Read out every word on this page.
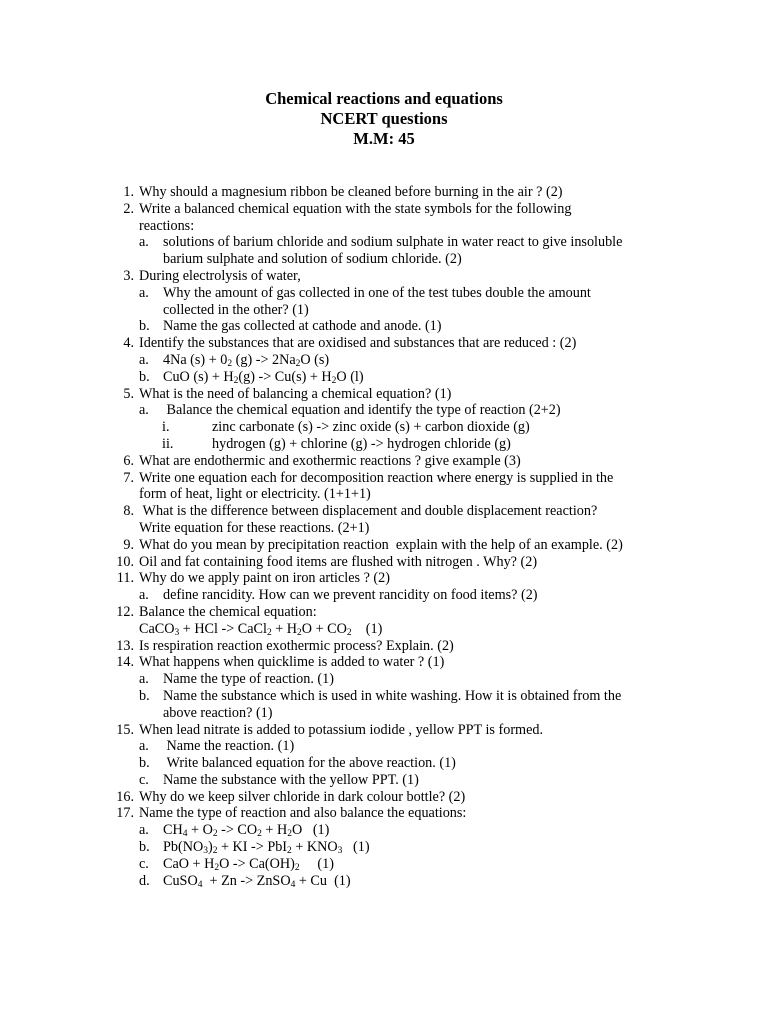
Chemical reactions and equations
NCERT questions
M.M: 45
1. Why should a magnesium ribbon be cleaned before burning in the air ? (2)
2. Write a balanced chemical equation with the state symbols for the following
reactions:
a. solutions of barium chloride and sodium sulphate in water react to give insoluble
barium sulphate and solution of sodium chloride. (2)
3. During electrolysis of water,
a. Why the amount of gas collected in one of the test tubes double the amount
collected in the other? (1)
b. Name the gas collected at cathode and anode. (1)
4. Identify the substances that are oxidised and substances that are reduced : (2)
a. 4Na $(s) + 0_2$ $(g) -> 2Na_2O$ (s)
b. CuO $(s) + H_2(g) -> Cu(s) + H_2O$ (l)
5. What is the need of balancing a chemical equation? (1)
a. Balance the chemical equation and identify the type of reaction (2+2)
i.	zinc carbonate (s) -> zinc oxide (s) + carbon dioxide (g)
ii.	hydrogen (g) + chlorine (g) -> hydrogen chloride (g)
6. What are endothermic and exothermic reactions ? give example (3)
7. Write one equation each for decomposition reaction where energy is supplied in the
form of heat, light or electricity. (1+1+1)
8. What is the difference between displacement and double displacement reaction?
Write equation for these reactions. (2+1)
9. What do you mean by precipitation reaction  explain with the help of an example. (2)
10. Oil and fat containing food items are flushed with nitrogen . Why? (2)
11. Why do we apply paint on iron articles ? (2)
a. define rancidity. How can we prevent rancidity on food items? (2)
12. Balance the chemical equation:
CaCO$_3$ + HCl -> CaCl$_2$ + $H_2O + CO_2$    (1)
13. Is respiration reaction exothermic process? Explain. (2)
14. What happens when quicklime is added to water ? (1)
a. Name the type of reaction. (1)
b. Name the substance which is used in white washing. How it is obtained from the
above reaction? (1)
15. When lead nitrate is added to potassium iodide , yellow PPT is formed.
a. Name the reaction. (1)
b. Write balanced equation for the above reaction. (1)
c. Name the substance with the yellow PPT. (1)
16. Why do we keep silver chloride in dark colour bottle? (2)
17. Name the type of reaction and also balance the equations:
a. $CH_4 + O_2 -> CO_2 + H_2O$   (1)
b. $Pb(NO_3)_2$ + KI -> $PbI_2 + KNO_3$   (1)
c. CaO + $H_2O -> Ca(OH)_2$     (1)
d. CuSO$_4$  + Zn -> ZnSO$_4$ + Cu  (1)
